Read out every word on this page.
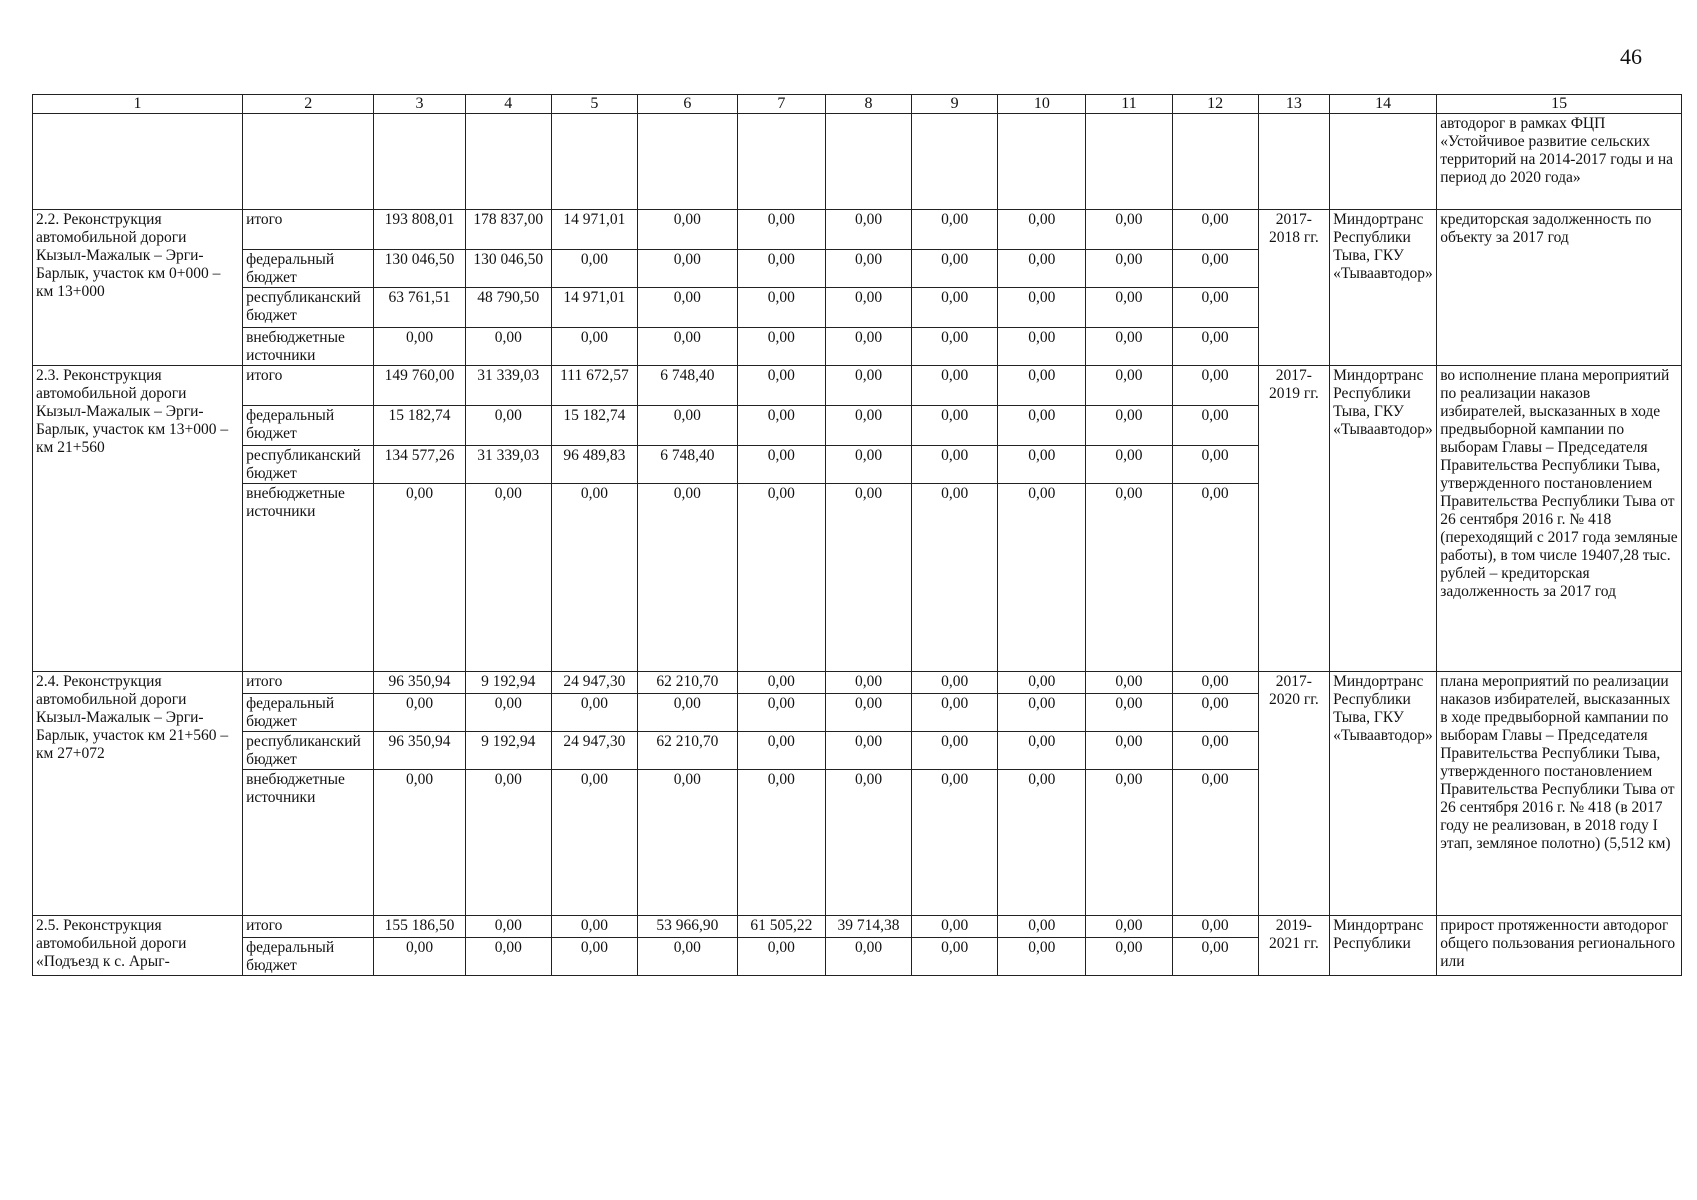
46
1	2	3	4	5	6	7	8	9	10	11	12	13	14	15
														автодорог в рамках ФЦП «Устойчивое развитие сельских территорий на 2014-2017 годы и на период до 2020 года»
2.2. Реконструкция автомобильной дороги Кызыл-Мажалык – Эрги-Барлык, участок км 0+000 – км 13+000	итого	193 808,01	178 837,00	14 971,01	0,00	0,00	0,00	0,00	0,00	0,00	0,00	2017-2018 гг.	Миндортранс Республики Тыва, ГКУ «Тываавтодор»	кредиторская задолженность по объекту за 2017 год
	федеральный бюджет	130 046,50	130 046,50	0,00	0,00	0,00	0,00	0,00	0,00	0,00	0,00			
	республиканский бюджет	63 761,51	48 790,50	14 971,01	0,00	0,00	0,00	0,00	0,00	0,00	0,00			
	внебюджетные источники	0,00	0,00	0,00	0,00	0,00	0,00	0,00	0,00	0,00	0,00			
2.3. Реконструкция автомобильной дороги Кызыл-Мажалык – Эрги-Барлык, участок км 13+000 – км 21+560	итого	149 760,00	31 339,03	111 672,57	6 748,40	0,00	0,00	0,00	0,00	0,00	0,00	2017-2019 гг.	Миндортранс Республики Тыва, ГКУ «Тываавтодор»	во исполнение плана мероприятий по реализации наказов избирателей, высказанных в ходе предвыборной кампании по выборам Главы – Председателя Правительства Республики Тыва, утвержденного постановлением Правительства Республики Тыва от 26 сентября 2016 г. № 418 (переходящий с 2017 года земляные работы), в том числе 19407,28 тыс. рублей – кредиторская задолженность за 2017 год
	федеральный бюджет	15 182,74	0,00	15 182,74	0,00	0,00	0,00	0,00	0,00	0,00	0,00			
	республиканский бюджет	134 577,26	31 339,03	96 489,83	6 748,40	0,00	0,00	0,00	0,00	0,00	0,00			
	внебюджетные источники	0,00	0,00	0,00	0,00	0,00	0,00	0,00	0,00	0,00	0,00			
2.4. Реконструкция автомобильной дороги Кызыл-Мажалык – Эрги-Барлык, участок км 21+560 – км 27+072	итого	96 350,94	9 192,94	24 947,30	62 210,70	0,00	0,00	0,00	0,00	0,00	0,00	2017-2020 гг.	Миндортранс Республики Тыва, ГКУ «Тываавтодор»	плана мероприятий по реализации наказов избирателей, высказанных в ходе предвыборной кампании по выборам Главы – Председателя Правительства Республики Тыва, утвержденного постановлением Правительства Республики Тыва от 26 сентября 2016 г. № 418 (в 2017 году не реализован, в 2018 году I этап, земляное полотно) (5,512 км)
	федеральный бюджет	0,00	0,00	0,00	0,00	0,00	0,00	0,00	0,00	0,00	0,00			
	республиканский бюджет	96 350,94	9 192,94	24 947,30	62 210,70	0,00	0,00	0,00	0,00	0,00	0,00			
	внебюджетные источники	0,00	0,00	0,00	0,00	0,00	0,00	0,00	0,00	0,00	0,00			
2.5. Реконструкция автомобильной дороги «Подъезд к с. Арыг-	итого	155 186,50	0,00	0,00	53 966,90	61 505,22	39 714,38	0,00	0,00	0,00	0,00	2019-2021 гг.	Миндортранс Республики	прирост протяженности автодорог общего пользования регионального или
	федеральный бюджет	0,00	0,00	0,00	0,00	0,00	0,00	0,00	0,00	0,00	0,00			
